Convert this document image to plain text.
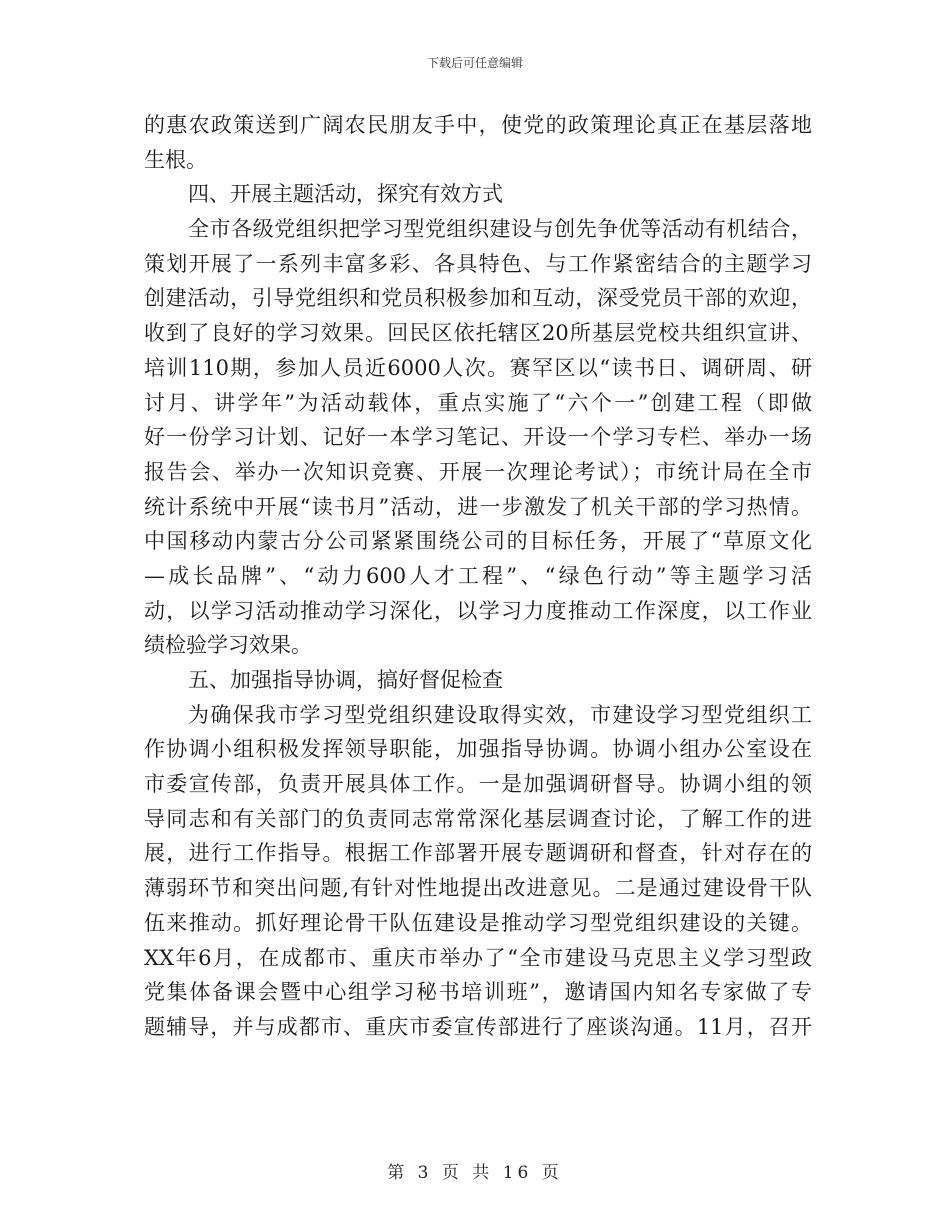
下载后可任意编辑
的惠农政策送到广阔农民朋友手中，使党的政策理论真正在基层落地
生根。
四、开展主题活动，探究有效方式
全市各级党组织把学习型党组织建设与创先争优等活动有机结合，
策划开展了一系列丰富多彩、各具特色、与工作紧密结合的主题学习
创建活动，引导党组织和党员积极参加和互动，深受党员干部的欢迎，
收到了良好的学习效果。回民区依托辖区20所基层党校共组织宣讲、
培训110期，参加人员近6000人次。赛罕区以“读书日、调研周、研
讨月、讲学年”为活动载体，重点实施了“六个一”创建工程（即做
好一份学习计划、记好一本学习笔记、开设一个学习专栏、举办一场
报告会、举办一次知识竞赛、开展一次理论考试）；市统计局在全市
统计系统中开展“读书月”活动，进一步激发了机关干部的学习热情。
中国移动内蒙古分公司紧紧围绕公司的目标任务，开展了“草原文化
—成长品牌”、“动力600人才工程”、“绿色行动”等主题学习活
动，以学习活动推动学习深化，以学习力度推动工作深度，以工作业
绩检验学习效果。
五、加强指导协调，搞好督促检查
为确保我市学习型党组织建设取得实效，市建设学习型党组织工
作协调小组积极发挥领导职能，加强指导协调。协调小组办公室设在
市委宣传部，负责开展具体工作。一是加强调研督导。协调小组的领
导同志和有关部门的负责同志常常深化基层调查讨论，了解工作的进
展，进行工作指导。根据工作部署开展专题调研和督查，针对存在的
薄弱环节和突出问题,有针对性地提出改进意见。二是通过建设骨干队
伍来推动。抓好理论骨干队伍建设是推动学习型党组织建设的关键。
XX年6月，在成都市、重庆市举办了“全市建设马克思主义学习型政
党集体备课会暨中心组学习秘书培训班”，邀请国内知名专家做了专
题辅导，并与成都市、重庆市委宣传部进行了座谈沟通。11月，召开
第 3 页 共 16 页
